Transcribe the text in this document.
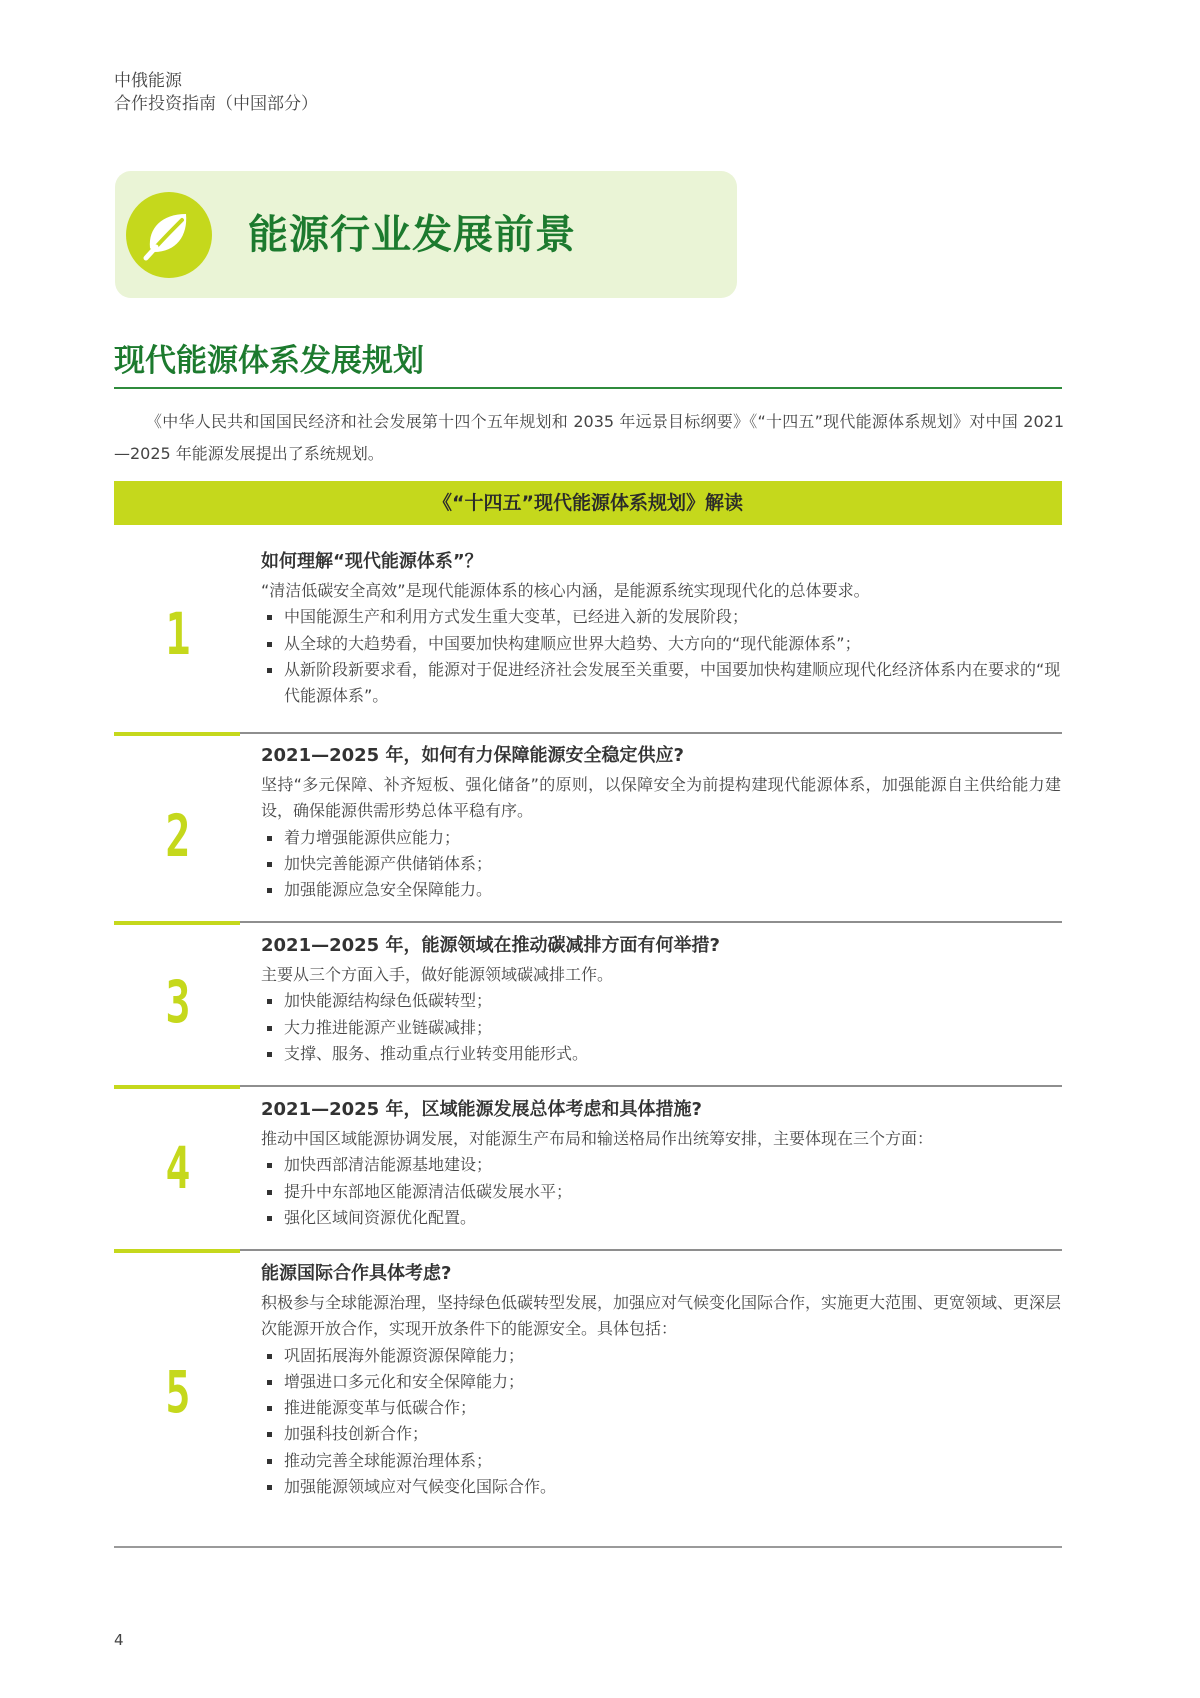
中俄能源
合作投资指南（中国部分）
能源行业发展前景
现代能源体系发展规划
《中华人民共和国国民经济和社会发展第十四个五年规划和 2035 年远景目标纲要》《“十四五”现代能源体系规划》对中国 2021—2025 年能源发展提出了系统规划。
《“十四五”现代能源体系规划》解读
1
如何理解“现代能源体系”？

“清洁低碳安全高效”是现代能源体系的核心内涵，是能源系统实现现代化的总体要求。

中国能源生产和利用方式发生重大变革，已经进入新的发展阶段；
从全球的大趋势看，中国要加快构建顺应世界大趋势、大方向的“现代能源体系”；
从新阶段新要求看，能源对于促进经济社会发展至关重要，中国要加快构建顺应现代化经济体系内在要求的“现代能源体系”。
2
2021—2025 年，如何有力保障能源安全稳定供应?

坚持“多元保障、补齐短板、强化储备”的原则，以保障安全为前提构建现代能源体系，加强能源自主供给能力建设，确保能源供需形势总体平稳有序。

着力增强能源供应能力；
加快完善能源产供储销体系；
加强能源应急安全保障能力。
3
2021—2025 年，能源领域在推动碳减排方面有何举措?

主要从三个方面入手，做好能源领域碳减排工作。

加快能源结构绿色低碳转型；
大力推进能源产业链碳减排；
支撑、服务、推动重点行业转变用能形式。
4
2021—2025 年，区域能源发展总体考虑和具体措施?

推动中国区域能源协调发展，对能源生产布局和输送格局作出统筹安排，主要体现在三个方面：

加快西部清洁能源基地建设；
提升中东部地区能源清洁低碳发展水平；
强化区域间资源优化配置。
5
能源国际合作具体考虑?

积极参与全球能源治理，坚持绿色低碳转型发展，加强应对气候变化国际合作，实施更大范围、更宽领域、更深层次能源开放合作，实现开放条件下的能源安全。具体包括：

巩固拓展海外能源资源保障能力；
增强进口多元化和安全保障能力；
推进能源变革与低碳合作；
加强科技创新合作；
推动完善全球能源治理体系；
加强能源领域应对气候变化国际合作。
4
